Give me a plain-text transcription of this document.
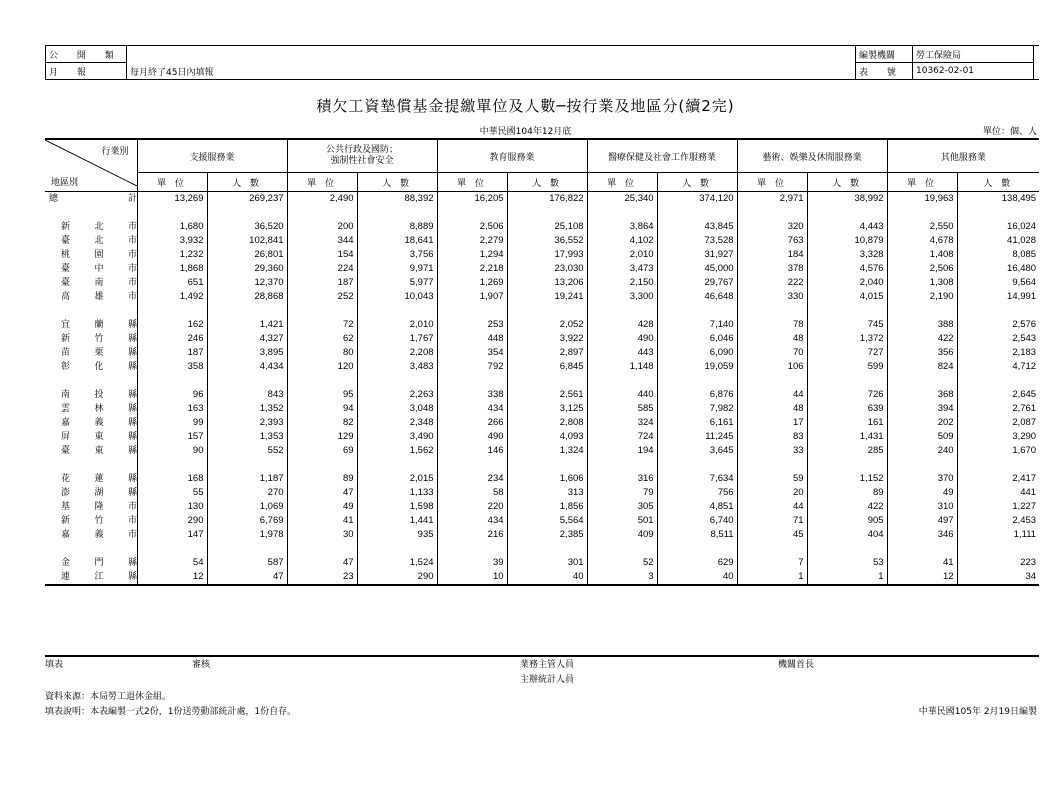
公 開 類	
月 報	每月終了45日內填報
編製機關	勞工保險局
表 號	10362-02-01
積欠工資墊償基金提繳單位及人數─按行業及地區分(續2完)
中華民國104年12月底	單位：個、人
行業別
地區別	支援服務業		公共行政及國防；
強制性社會安全		教育服務業		醫療保健及社會工作服務業		藝術、娛樂及休閒服務業		其他服務業	
	單 位	人 數	單 位	人 數	單 位	人 數	單 位	人 數	單 位	人 數	單 位	人 數

總 計	13,269	269,237	2,490	88,392	16,205	176,822	25,340	374,120	2,971	38,992	19,963	138,495

新 北 市	1,680	36,520	200	8,889	2,506	25,108	3,864	43,845	320	4,443	2,550	16,024

臺 北 市	3,932	102,841	344	18,641	2,279	36,552	4,102	73,528	763	10,879	4,678	41,028

桃 園 市	1,232	26,801	154	3,756	1,294	17,993	2,010	31,927	184	3,328	1,408	8,085

臺 中 市	1,868	29,360	224	9,971	2,218	23,030	3,473	45,000	378	4,576	2,506	16,480

臺 南 市	651	12,370	187	5,977	1,269	13,206	2,150	29,767	222	2,040	1,308	9,564

高 雄 市	1,492	28,868	252	10,043	1,907	19,241	3,300	46,648	330	4,015	2,190	14,991

宜 蘭 縣	162	1,421	72	2,010	253	2,052	428	7,140	78	745	388	2,576

新 竹 縣	246	4,327	62	1,767	448	3,922	490	6,046	48	1,372	422	2,543

苗 栗 縣	187	3,895	80	2,208	354	2,897	443	6,090	70	727	356	2,183

彰 化 縣	358	4,434	120	3,483	792	6,845	1,148	19,059	106	599	824	4,712

南 投 縣	96	843	95	2,263	338	2,561	440	6,876	44	726	368	2,645

雲 林 縣	163	1,352	94	3,048	434	3,125	585	7,982	48	639	394	2,761

嘉 義 縣	99	2,393	82	2,348	266	2,808	324	6,161	17	161	202	2,087

屏 東 縣	157	1,353	129	3,490	490	4,093	724	11,245	83	1,431	509	3,290

臺 東 縣	90	552	69	1,562	146	1,324	194	3,645	33	285	240	1,670

花 蓮 縣	168	1,187	89	2,015	234	1,606	316	7,634	59	1,152	370	2,417

澎 湖 縣	55	270	47	1,133	58	313	79	756	20	89	49	441

基 隆 市	130	1,069	49	1,598	220	1,856	305	4,851	44	422	310	1,227

新 竹 市	290	6,769	41	1,441	434	5,564	501	6,740	71	905	497	2,453

嘉 義 市	147	1,978	30	935	216	2,385	409	8,511	45	404	346	1,111

金 門 縣	54	587	47	1,524	39	301	52	629	7	53	41	223

連 江 縣	12	47	23	290	10	40	3	40	1	1	12	34
填表	審核	業務主管人員
主辦統計人員
機關首長
資料來源：本局勞工退休金組。
填表說明：本表編製一式2份，1份送勞動部統計處，1份自存。	中華民國105年 2月19日編製
